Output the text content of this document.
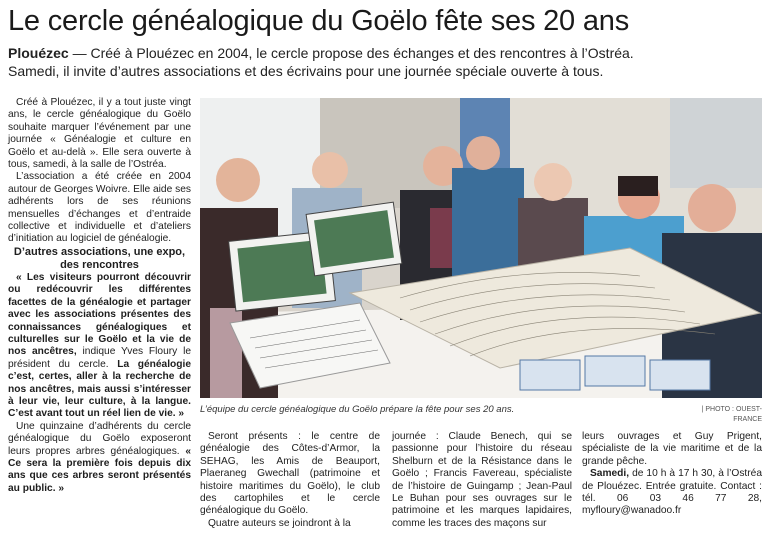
Le cercle généalogique du Goëlo fête ses 20 ans
Plouézec — Créé à Plouézec en 2004, le cercle propose des échanges et des rencontres à l’Ostréa.
Samedi, il invite d’autres associations et des écrivains pour une journée spéciale ouverte à tous.

Créé à Plouézec, il y a tout juste vingt ans, le cercle généalogique du Goëlo souhaite marquer l’événement par une journée « Généalogie et culture en Goëlo et au-delà ». Elle sera ouverte à tous, samedi, à la salle de l’Ostréa.

L’association a été créée en 2004 autour de Georges Woivre. Elle aide ses adhérents lors de ses réunions mensuelles d’échanges et d’entraide collective et individuelle et d’ateliers d’initiation au logiciel de généalogie.

D’autres associations, une expo, des rencontres

« Les visiteurs pourront découvrir ou redécouvrir les différentes facettes de la généalogie et partager avec les associations présentes des connaissances généalogiques et culturelles sur le Goëlo et la vie de nos ancêtres, indique Yves Floury le président du cercle. La généalogie c’est, certes, aller à la recherche de nos ancêtres, mais aussi s’intéresser à leur vie, leur culture, à la langue. C’est avant tout un réel lien de vie. »

Une quinzaine d’adhérents du cercle généalogique du Goëlo exposeront leurs propres arbres généalogiques. « Ce sera la première fois depuis dix ans que ces arbres seront présentés au public. »

L’équipe du cercle généalogique du Goëlo prépare la fête pour ses 20 ans.	| PHOTO : OUEST-FRANCE

Seront présents : le centre de généalogie des Côtes-d’Armor, la SEHAG, les Amis de Beauport, Plaeraneg Gwechall (patrimoine et histoire maritimes du Goëlo), le club des cartophiles et le cercle généalogique du Goëlo.

Quatre auteurs se joindront à la

journée : Claude Benech, qui se passionne pour l’histoire du réseau Shelburn et de la Résistance dans le Goëlo ; Francis Favereau, spécialiste de l’histoire de Guingamp ; Jean-Paul Le Buhan pour ses ouvrages sur le patrimoine et les marques lapidaires, comme les traces des maçons sur

leurs ouvrages et Guy Prigent, spécialiste de la vie maritime et de la grande pêche.

Samedi, de 10 h à 17 h 30, à l’Ostréa de Plouézec. Entrée gratuite. Contact : tél. 06 03 46 77 28, myfloury@wanadoo.fr
